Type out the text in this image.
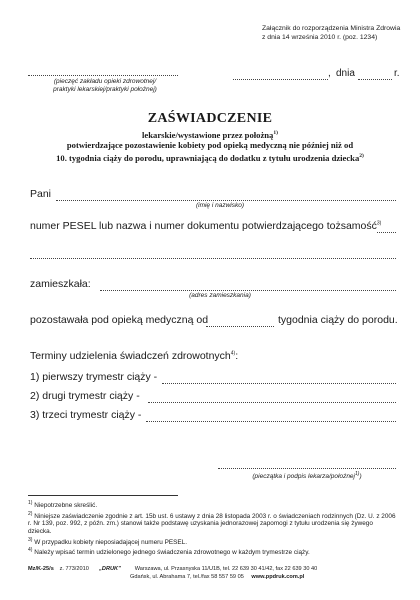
Załącznik do rozporządzenia Ministra Zdrowia
z dnia 14 września 2010 r. (poz. 1234)
(pieczęć zakładu opieki zdrowotnej/
praktyki lekarskiej/praktyki położnej)
, dnia	r.
ZAŚWIADCZENIE
lekarskie/wystawione przez położną$^{1)}$
potwierdzające pozostawienie kobiety pod opieką medyczną nie później niż od
10. tygodnia ciąży do porodu, uprawniającą do dodatku z tytułu urodzenia dziecka$^{2)}$
Pani
(imię i nazwisko)
numer PESEL lub nazwa i numer dokumentu potwierdzającego tożsamość$^{3)}$
zamieszkała:
(adres zamieszkania)
pozostawała pod opieką medyczną od	tygodnia ciąży do porodu.
Terminy udzielenia świadczeń zdrowotnych$^{4)}$:
1) pierwszy trymestr ciąży -
2) drugi trymestr ciąży -
3) trzeci trymestr ciąży -
(pieczątka i podpis lekarza/położnej$^{1)}$)
$^{1)}$ Niepotrzebne skreślić.
$^{2)}$ Niniejsze zaświadczenie zgodnie z art. 15b ust. 6 ustawy z dnia 28 listopada 2003 r. o świadczeniach rodzinnych (Dz. U. z 2006 r. Nr 139, poz. 992, z późn. zm.) stanowi także podstawę uzyskania jednorazowej zapomogi z tytułu urodzenia się żywego dziecka.
$^{3)}$ W przypadku kobiety nieposiadającej numeru PESEL.
$^{4)}$ Należy wpisać termin udzielonego jednego świadczenia zdrowotnego w każdym trymestrze ciąży.
Mz/K-25/s z. 773/2010 „DRUK” Warszawa, ul. Przasnyska 11/U1B, tel. 22 639 30 41/42, fax 22 639 30 40
Gdańsk, ul. Abrahama 7, tel./fax 58 557 59 05 www.ppdruk.com.pl
